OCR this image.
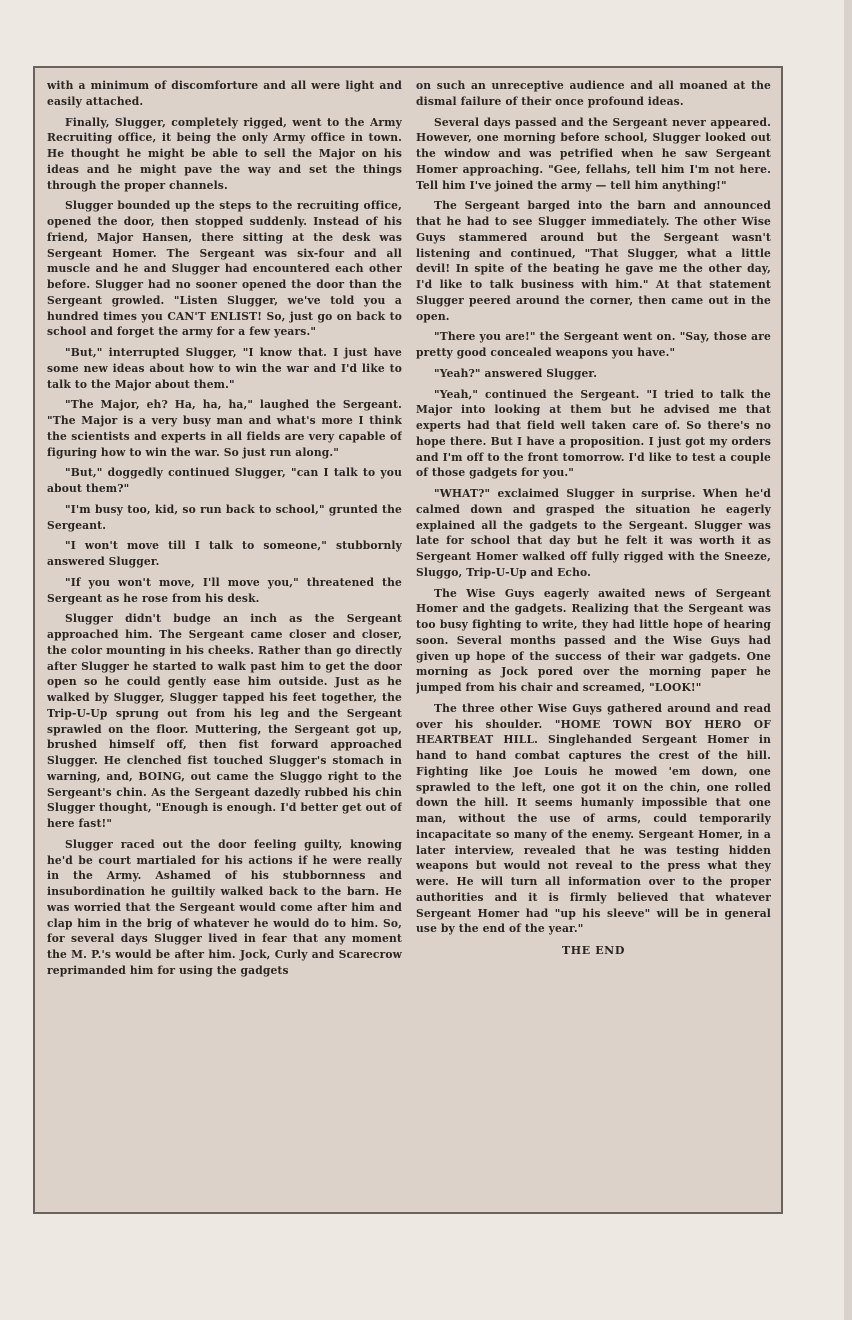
with a minimum of discomforture and all were light and easily attached.

Finally, Slugger, completely rigged, went to the Army Recruiting office, it being the only Army office in town. He thought he might be able to sell the Major on his ideas and he might pave the way and set the things through the proper channels.

Slugger bounded up the steps to the recruiting office, opened the door, then stopped suddenly. Instead of his friend, Major Hansen, there sitting at the desk was Sergeant Homer. The Sergeant was six-four and all muscle and he and Slugger had encountered each other before. Slugger had no sooner opened the door than the Sergeant growled. "Listen Slugger, we've told you a hundred times you CAN'T ENLIST! So, just go on back to school and forget the army for a few years."

"But," interrupted Slugger, "I know that. I just have some new ideas about how to win the war and I'd like to talk to the Major about them."

"The Major, eh? Ha, ha, ha," laughed the Sergeant. "The Major is a very busy man and what's more I think the scientists and experts in all fields are very capable of figuring how to win the war. So just run along."

"But," doggedly continued Slugger, "can I talk to you about them?"

"I'm busy too, kid, so run back to school," grunted the Sergeant.

"I won't move till I talk to someone," stubbornly answered Slugger.

"If you won't move, I'll move you," threatened the Sergeant as he rose from his desk.

Slugger didn't budge an inch as the Sergeant approached him. The Sergeant came closer and closer, the color mounting in his cheeks. Rather than go directly after Slugger he started to walk past him to get the door open so he could gently ease him outside. Just as he walked by Slugger, Slugger tapped his feet together, the Trip-U-Up sprung out from his leg and the Sergeant sprawled on the floor. Muttering, the Sergeant got up, brushed himself off, then fist forward approached Slugger. He clenched fist touched Slugger's stomach in warning, and, BOING, out came the Sluggo right to the Sergeant's chin. As the Sergeant dazedly rubbed his chin Slugger thought, "Enough is enough. I'd better get out of here fast!"

Slugger raced out the door feeling guilty, knowing he'd be court martialed for his actions if he were really in the Army. Ashamed of his stubbornness and insubordination he guiltily walked back to the barn. He was worried that the Sergeant would come after him and clap him in the brig of whatever he would do to him. So, for several days Slugger lived in fear that any moment the M. P.'s would be after him. Jock, Curly and Scarecrow reprimanded him for using the gadgets

on such an unreceptive audience and all moaned at the dismal failure of their once profound ideas.

Several days passed and the Sergeant never appeared. However, one morning before school, Slugger looked out the window and was petrified when he saw Sergeant Homer approaching. "Gee, fellahs, tell him I'm not here. Tell him I've joined the army — tell him anything!"

The Sergeant barged into the barn and announced that he had to see Slugger immediately. The other Wise Guys stammered around but the Sergeant wasn't listening and continued, "That Slugger, what a little devil! In spite of the beating he gave me the other day, I'd like to talk business with him." At that statement Slugger peered around the corner, then came out in the open.

"There you are!" the Sergeant went on. "Say, those are pretty good concealed weapons you have."

"Yeah?" answered Slugger.

"Yeah," continued the Sergeant. "I tried to talk the Major into looking at them but he advised me that experts had that field well taken care of. So there's no hope there. But I have a proposition. I just got my orders and I'm off to the front tomorrow. I'd like to test a couple of those gadgets for you."

"WHAT?" exclaimed Slugger in surprise. When he'd calmed down and grasped the situation he eagerly explained all the gadgets to the Sergeant. Slugger was late for school that day but he felt it was worth it as Sergeant Homer walked off fully rigged with the Sneeze, Sluggo, Trip-U-Up and Echo.

The Wise Guys eagerly awaited news of Sergeant Homer and the gadgets. Realizing that the Sergeant was too busy fighting to write, they had little hope of hearing soon. Several months passed and the Wise Guys had given up hope of the success of their war gadgets. One morning as Jock pored over the morning paper he jumped from his chair and screamed, "LOOK!"

The three other Wise Guys gathered around and read over his shoulder. "HOME TOWN BOY HERO OF HEARTBEAT HILL. Singlehanded Sergeant Homer in hand to hand combat captures the crest of the hill. Fighting like Joe Louis he mowed 'em down, one sprawled to the left, one got it on the chin, one rolled down the hill. It seems humanly impossible that one man, without the use of arms, could temporarily incapacitate so many of the enemy. Sergeant Homer, in a later interview, revealed that he was testing hidden weapons but would not reveal to the press what they were. He will turn all information over to the proper authorities and it is firmly believed that whatever Sergeant Homer had "up his sleeve" will be in general use by the end of the year."

THE END
